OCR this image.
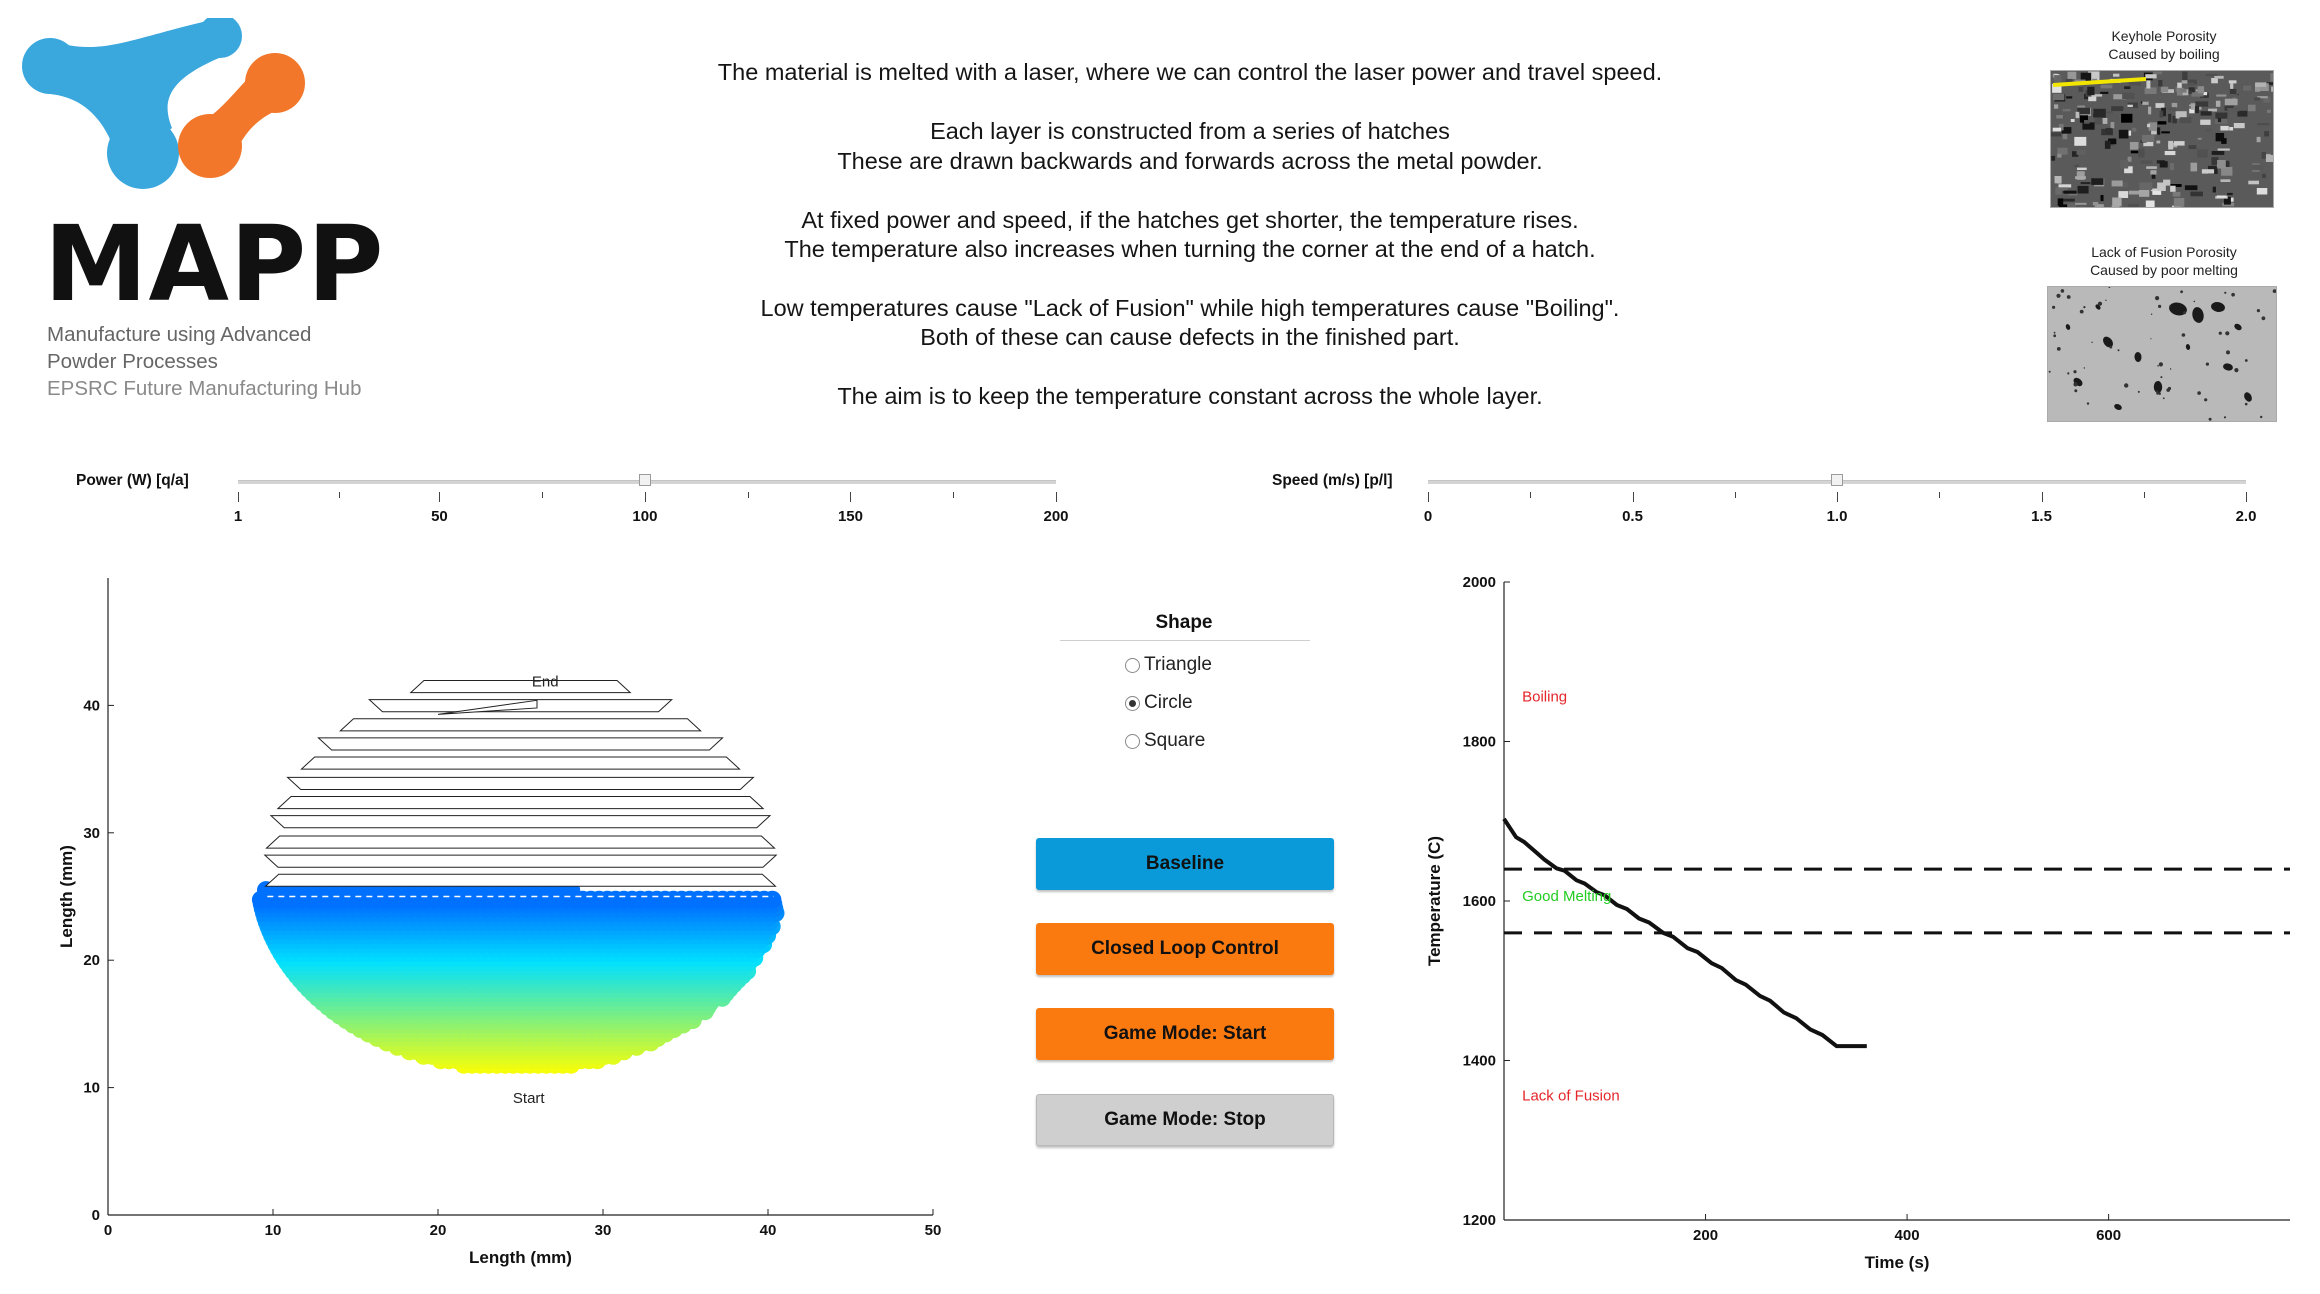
MAPP
Manufacture using Advanced
Powder Processes
EPSRC Future Manufacturing Hub
The material is melted with a laser, where we can control the laser power and travel speed.
Each layer is constructed from a series of hatches
These are drawn backwards and forwards across the metal powder.
At fixed power and speed, if the hatches get shorter, the temperature rises.
The temperature also increases when turning the corner at the end of a hatch.
Low temperatures cause "Lack of Fusion" while high temperatures cause "Boiling".
Both of these can cause defects in the finished part.
The aim is to keep the temperature constant across the whole layer.
Keyhole Porosity
Caused by boiling
Lack of Fusion Porosity
Caused by poor melting
Power (W) [q/a]
1	50	100	150	200
Speed (m/s) [p/l]
0	0.5	1.0	1.5	2.0
0	10	20	30	40	50
0
10
20
30
40
Length (mm)
Length (mm)
Start
End
Shape
Triangle
Circle
Square
Baseline
Closed Loop Control
Game Mode: Start
Game Mode: Stop
200	400	600
1200
1400
1600
1800
2000
Time (s)
Temperature (C)
Boiling
Good Melting
Lack of Fusion
